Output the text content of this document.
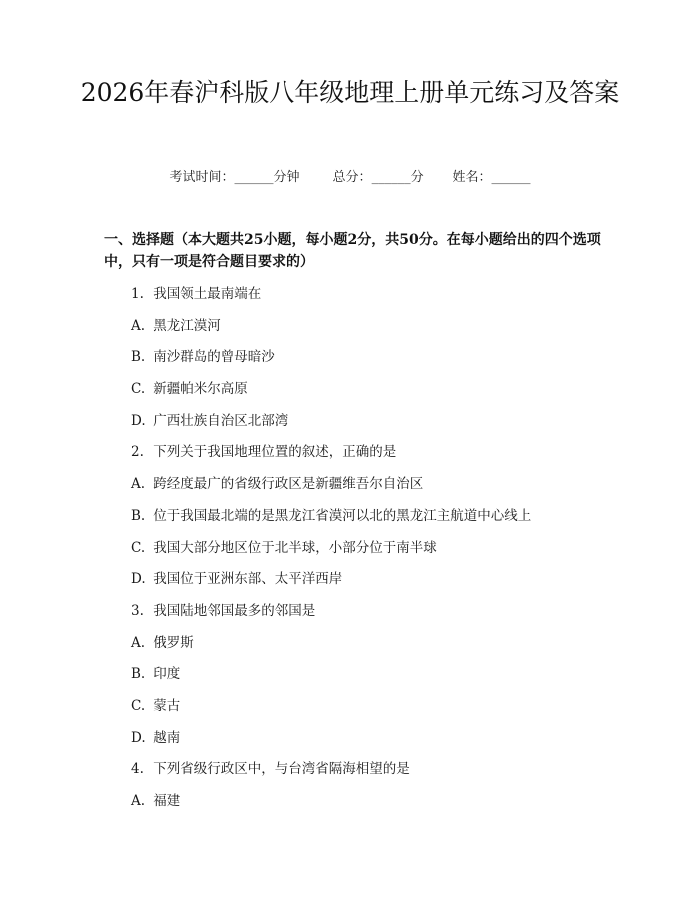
2026年春沪科版八年级地理上册单元练习及答案
考试时间：______分钟	总分：______分 姓名：______
一、选择题（本大题共25小题，每小题2分，共50分。在每小题给出的四个选项中，只有一项是符合题目要求的）
1. 我国领土最南端在
A. 黑龙江漠河
B. 南沙群岛的曾母暗沙
C. 新疆帕米尔高原
D. 广西壮族自治区北部湾
2. 下列关于我国地理位置的叙述，正确的是
A. 跨经度最广的省级行政区是新疆维吾尔自治区
B. 位于我国最北端的是黑龙江省漠河以北的黑龙江主航道中心线上
C. 我国大部分地区位于北半球，小部分位于南半球
D. 我国位于亚洲东部、太平洋西岸
3. 我国陆地邻国最多的邻国是
A. 俄罗斯
B. 印度
C. 蒙古
D. 越南
4. 下列省级行政区中，与台湾省隔海相望的是
A. 福建
